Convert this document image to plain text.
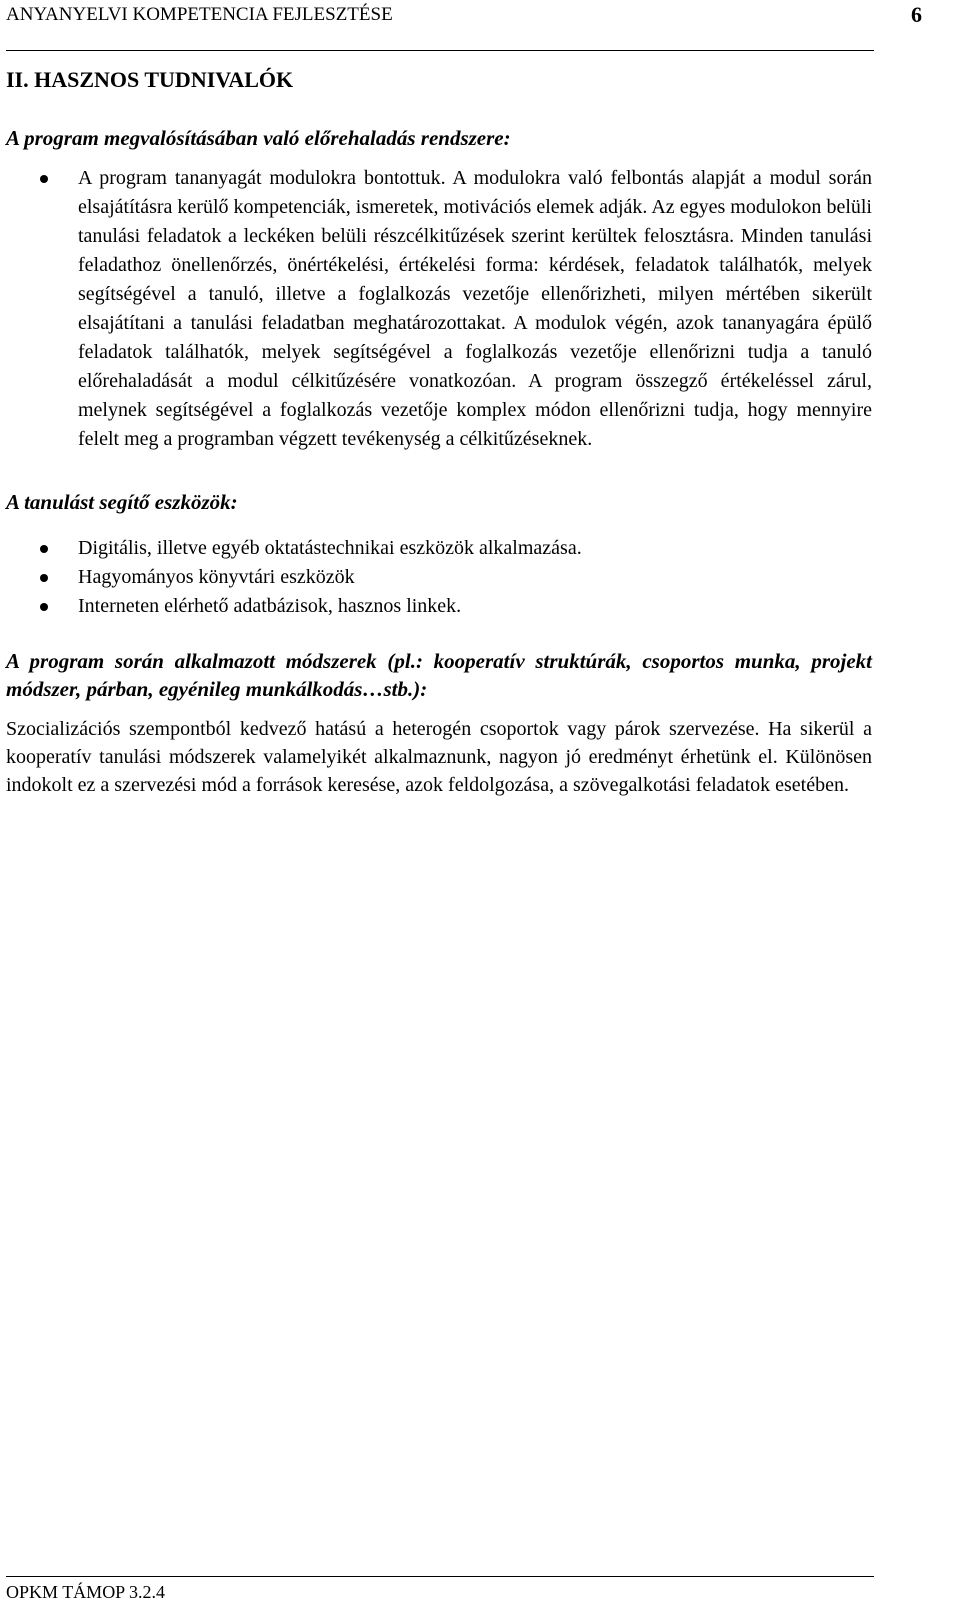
ANYANYELVI KOMPETENCIA FEJLESZTÉSE	6
II. HASZNOS TUDNIVALÓK
A program megvalósításában való előrehaladás rendszere:
A program tananyagát modulokra bontottuk. A modulokra való felbontás alapját a modul során elsajátításra kerülő kompetenciák, ismeretek, motivációs elemek adják. Az egyes modulokon belüli tanulási feladatok a leckéken belüli részcélkitűzések szerint kerültek felosztásra. Minden tanulási feladathoz önellenőrzés, önértékelési, értékelési forma: kérdések, feladatok találhatók, melyek segítségével a tanuló, illetve a foglalkozás vezetője ellenőrizheti, milyen mértében sikerült elsajátítani a tanulási feladatban meghatározottakat. A modulok végén, azok tananyagára épülő feladatok találhatók, melyek segítségével a foglalkozás vezetője ellenőrizni tudja a tanuló előrehaladását a modul célkitűzésére vonatkozóan. A program összegző értékeléssel zárul, melynek segítségével a foglalkozás vezetője komplex módon ellenőrizni tudja, hogy mennyire felelt meg a programban végzett tevékenység a célkitűzéseknek.
A tanulást segítő eszközök:
Digitális, illetve egyéb oktatástechnikai eszközök alkalmazása.
Hagyományos könyvtári eszközök
Interneten elérhető adatbázisok, hasznos linkek.
A program során alkalmazott módszerek (pl.: kooperatív struktúrák, csoportos munka, projekt módszer, párban, egyénileg munkálkodás…stb.):

Szocializációs szempontból kedvező hatású a heterogén csoportok vagy párok szervezése. Ha sikerül a kooperatív tanulási módszerek valamelyikét alkalmaznunk, nagyon jó eredményt érhetünk el. Különösen indokolt ez a szervezési mód a források keresése, azok feldolgozása, a szövegalkotási feladatok esetében.

OPKM TÁMOP 3.2.4
